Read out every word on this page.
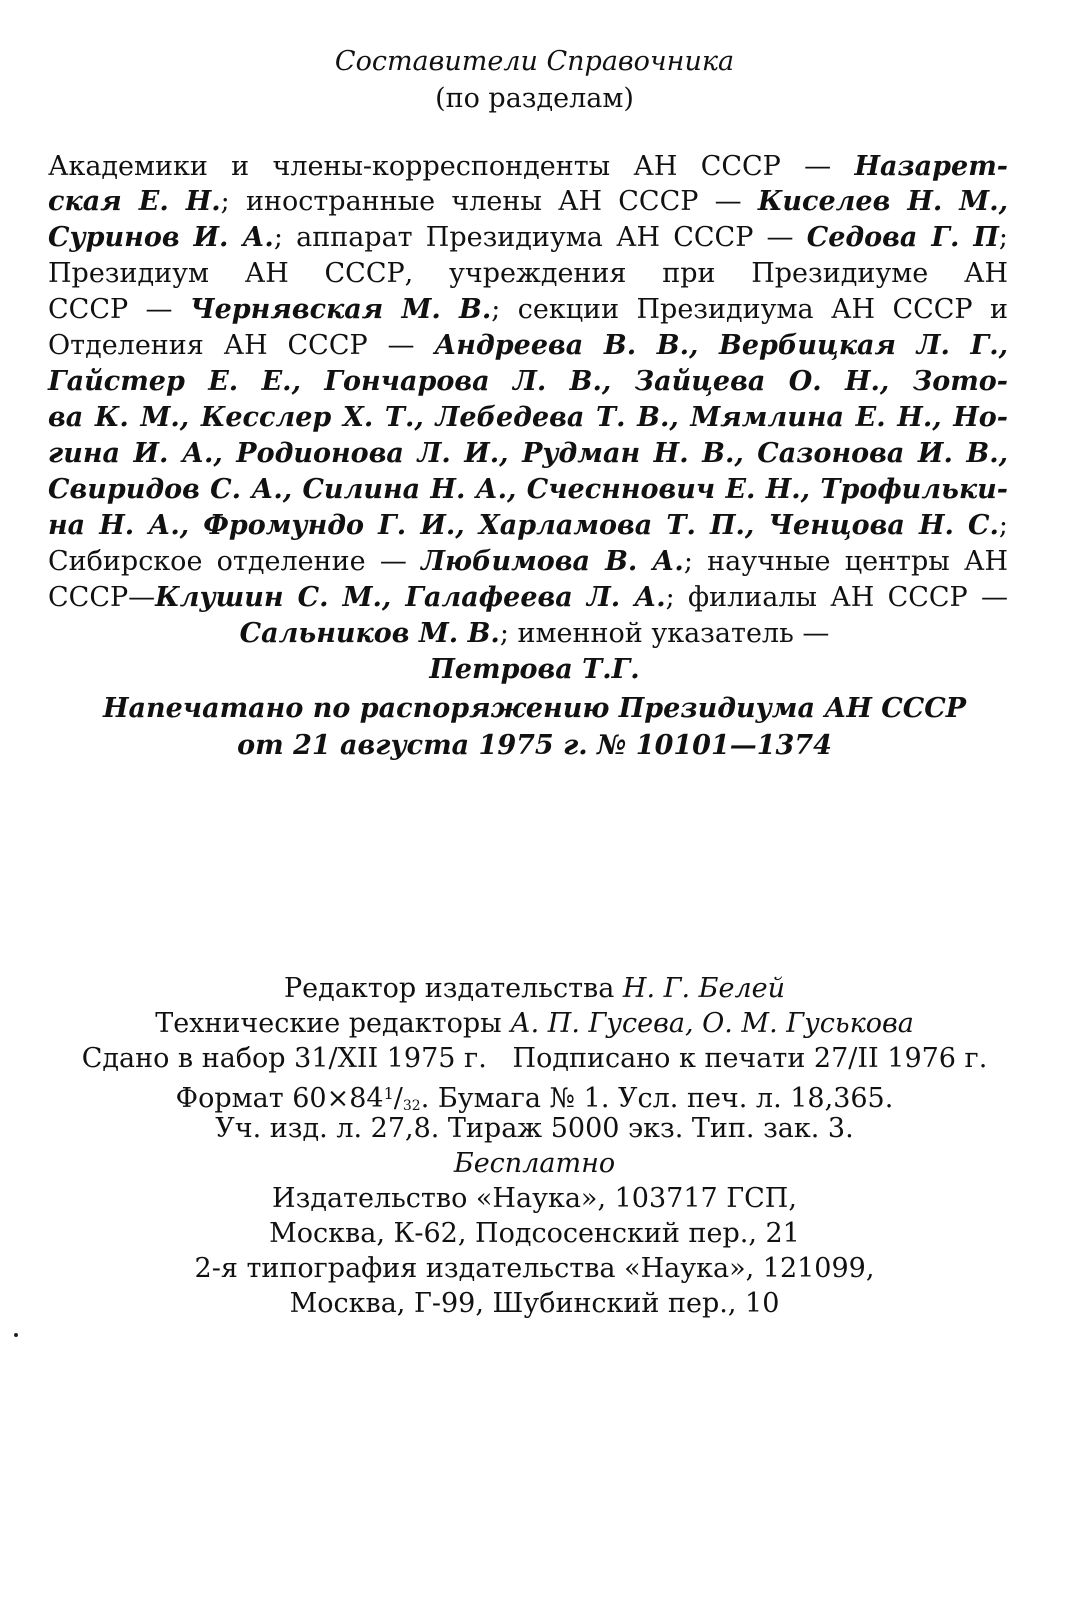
Составители Справочника
(по разделам)
Академики и члены-корреспонденты АН СССР — Назарет-
ская Е. Н.; иностранные члены АН СССР — Киселев Н. М.,
Суринов И. А.; аппарат Президиума АН СССР — Седова Г. П;
Президиум АН СССР, учреждения при Президиуме АН
СССР — Чернявская М. В.; секции Президиума АН СССР и
Отделения АН СССР — Андреева В. В., Вербицкая Л. Г.,
Гайстер Е. Е., Гончарова Л. В., Зайцева О. Н., Зото-
ва К. М., Кесслер Х. Т., Лебедева Т. В., Мямлина Е. Н., Но-
гина И. А., Родионова Л. И., Рудман Н. В., Сазонова И. В.,
Свиридов С. А., Силина Н. А., Счесннович Е. Н., Трофильки-
на Н. А., Фромундо Г. И., Харламова Т. П., Ченцова Н. С.;
Сибирское отделение — Любимова В. А.; научные центры АН
СССР—Клушин С. М., Галафеева Л. А.; филиалы АН СССР —
Сальников М. В.; именной указатель —
Петрова Т.Г.
Напечатано по распоряжению Президиума АН СССР
от 21 августа 1975 г. № 10101—1374
Редактор издательства Н. Г. Белей
Технические редакторы А. П. Гусева, О. М. Гуськова
Сдано в набор 31/XII 1975 г.   Подписано к печати 27/II 1976 г.
Формат $60\times 84^1/_{32}$. Бумага № 1. Усл. печ. л. 18,365.
Уч. изд. л. 27,8. Тираж 5000 экз. Тип. зак. 3.
Бесплатно
Издательство «Наука», 103717 ГСП,
Москва, К-62, Подсосенский пер., 21
2-я типография издательства «Наука», 121099,
Москва, Г-99, Шубинский пер., 10
